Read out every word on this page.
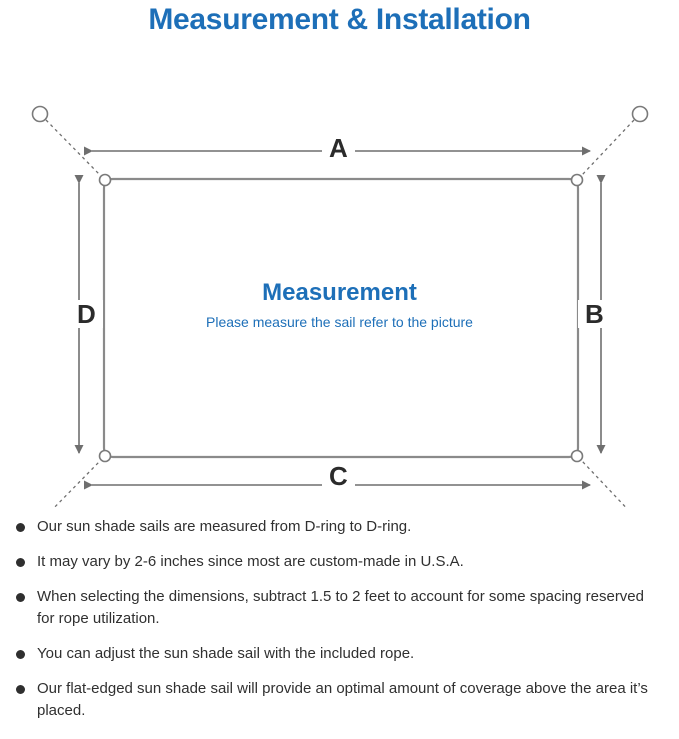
Measurement & Installation
A
B
C
D
Measurement
Please measure the sail refer to the picture
Our sun shade sails are measured from D-ring to D-ring.
It may vary by 2-6 inches since most are custom-made in U.S.A.
When selecting the dimensions, subtract 1.5 to 2 feet to account for some spacing reserved for rope utilization.
You can adjust the sun shade sail with the included rope.
Our flat-edged sun shade sail will provide an optimal amount of coverage above the area it’s placed.
